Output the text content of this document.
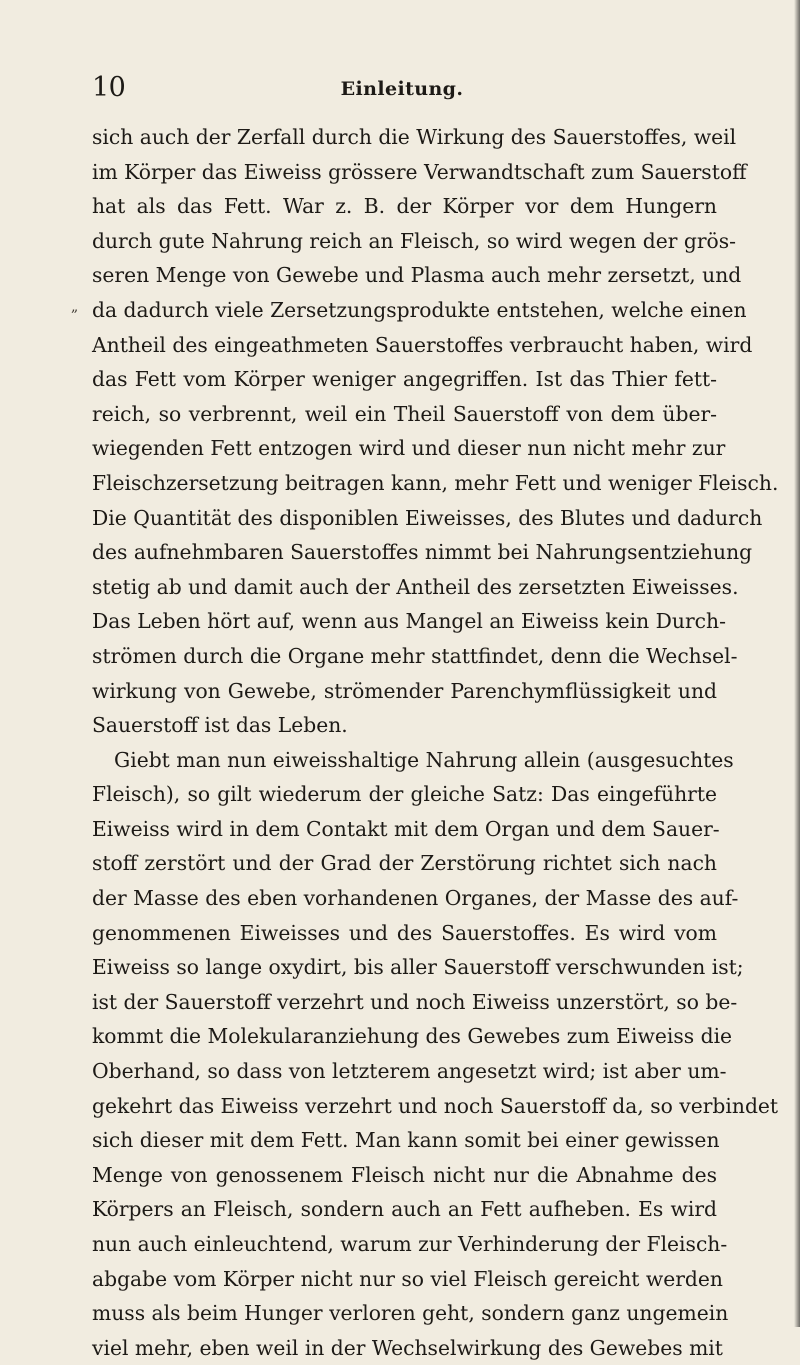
10	Einleitung.
„
sich auch der Zerfall durch die Wirkung des Sauerstoffes, weil
im Körper das Eiweiss grössere Verwandtschaft zum Sauerstoff
hat als das Fett. War z. B. der Körper vor dem Hungern
durch gute Nahrung reich an Fleisch, so wird wegen der grös-
seren Menge von Gewebe und Plasma auch mehr zersetzt, und
da dadurch viele Zersetzungsprodukte entstehen, welche einen
Antheil des eingeathmeten Sauerstoffes verbraucht haben, wird
das Fett vom Körper weniger angegriffen. Ist das Thier fett-
reich, so verbrennt, weil ein Theil Sauerstoff von dem über-
wiegenden Fett entzogen wird und dieser nun nicht mehr zur
Fleischzersetzung beitragen kann, mehr Fett und weniger Fleisch.
Die Quantität des disponiblen Eiweisses, des Blutes und dadurch
des aufnehmbaren Sauerstoffes nimmt bei Nahrungsentziehung
stetig ab und damit auch der Antheil des zersetzten Eiweisses.
Das Leben hört auf, wenn aus Mangel an Eiweiss kein Durch-
strömen durch die Organe mehr stattfindet, denn die Wechsel-
wirkung von Gewebe, strömender Parenchymflüssigkeit und
Sauerstoff ist das Leben.
Giebt man nun eiweisshaltige Nahrung allein (ausgesuchtes
Fleisch), so gilt wiederum der gleiche Satz: Das eingeführte
Eiweiss wird in dem Contakt mit dem Organ und dem Sauer-
stoff zerstört und der Grad der Zerstörung richtet sich nach
der Masse des eben vorhandenen Organes, der Masse des auf-
genommenen Eiweisses und des Sauerstoffes. Es wird vom
Eiweiss so lange oxydirt, bis aller Sauerstoff verschwunden ist;
ist der Sauerstoff verzehrt und noch Eiweiss unzerstört, so be-
kommt die Molekularanziehung des Gewebes zum Eiweiss die
Oberhand, so dass von letzterem angesetzt wird; ist aber um-
gekehrt das Eiweiss verzehrt und noch Sauerstoff da, so verbindet
sich dieser mit dem Fett. Man kann somit bei einer gewissen
Menge von genossenem Fleisch nicht nur die Abnahme des
Körpers an Fleisch, sondern auch an Fett aufheben. Es wird
nun auch einleuchtend, warum zur Verhinderung der Fleisch-
abgabe vom Körper nicht nur so viel Fleisch gereicht werden
muss als beim Hunger verloren geht, sondern ganz ungemein
viel mehr, eben weil in der Wechselwirkung des Gewebes mit
